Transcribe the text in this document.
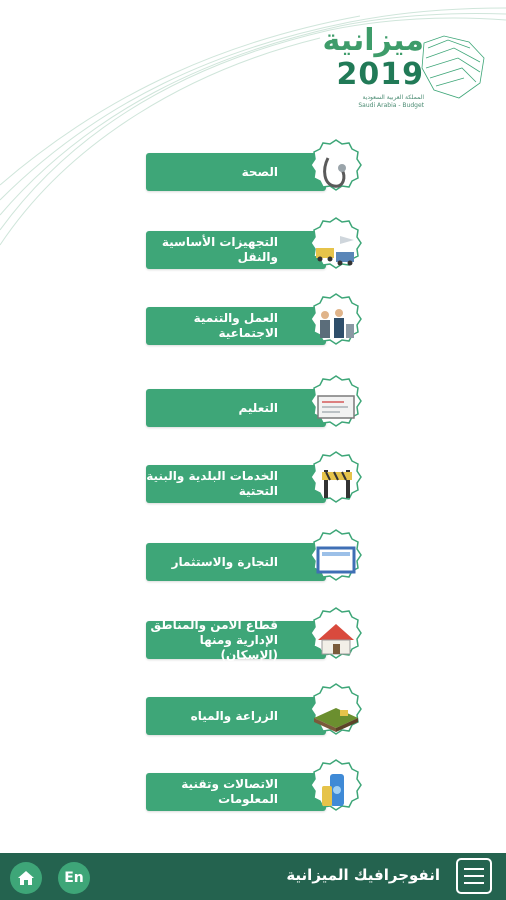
ميزانية
2019
المملكة العربية السعودية
Saudi Arabia - Budget
الصحة
التجهيزات الأساسية والنقل
العمل والتنمية الاجتماعية
التعليم
الخدمات البلدية والبنية التحتية
التجارة والاستثمار
قطاع الأمن والمناطق الإدارية ومنها (الإسكان)
الزراعة والمياه
الاتصالات وتقنية المعلومات
En	انفوجرافيك الميزانية
